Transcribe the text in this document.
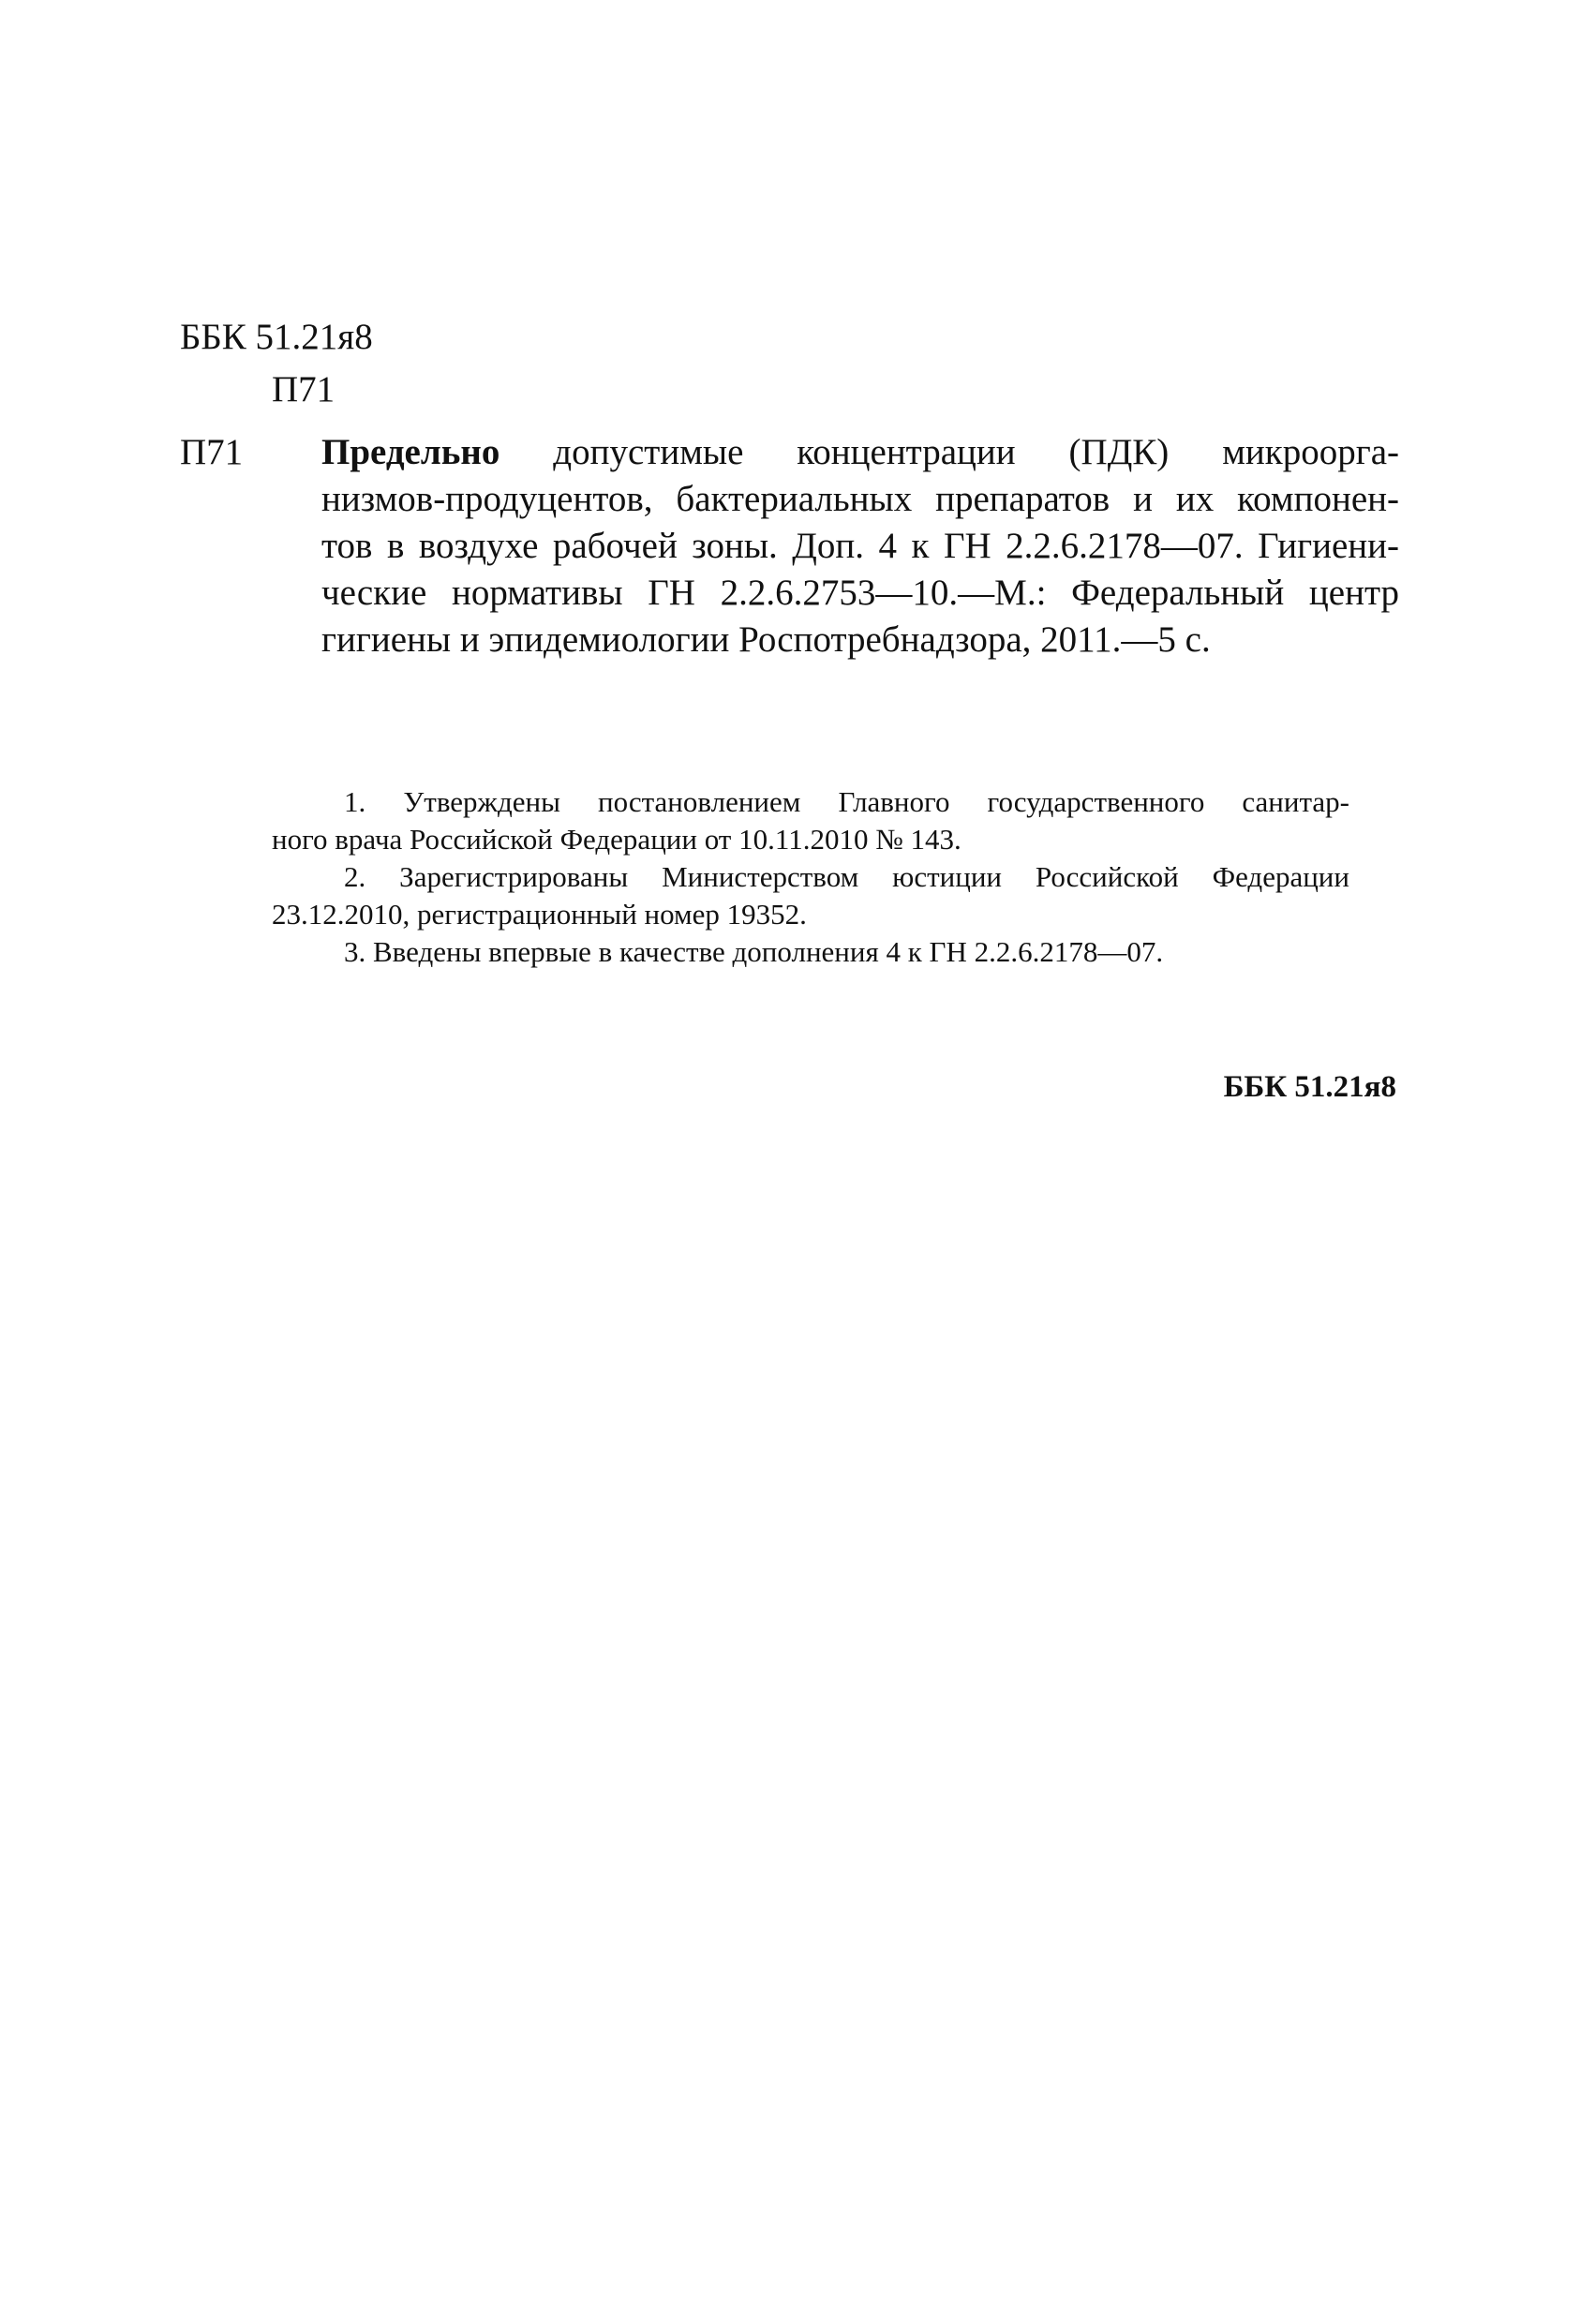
ББК 51.21я8
П71
П71 Предельно допустимые концентрации (ПДК) микроорга-

низмов-продуцентов, бактериальных препаратов и их компонен-

тов в воздухе рабочей зоны. Доп. 4 к ГН 2.2.6.2178—07. Гигиени-

ческие нормативы ГН 2.2.6.2753—10.—М.: Федеральный центр

гигиены и эпидемиологии Роспотребнадзора, 2011.—5 с.

1. Утверждены постановлением Главного государственного санитар-

ного врача Российской Федерации от 10.11.2010 № 143.

2. Зарегистрированы Министерством юстиции Российской Федерации

23.12.2010, регистрационный номер 19352.

3. Введены впервые в качестве дополнения 4 к ГН 2.2.6.2178—07.

ББК 51.21я8
